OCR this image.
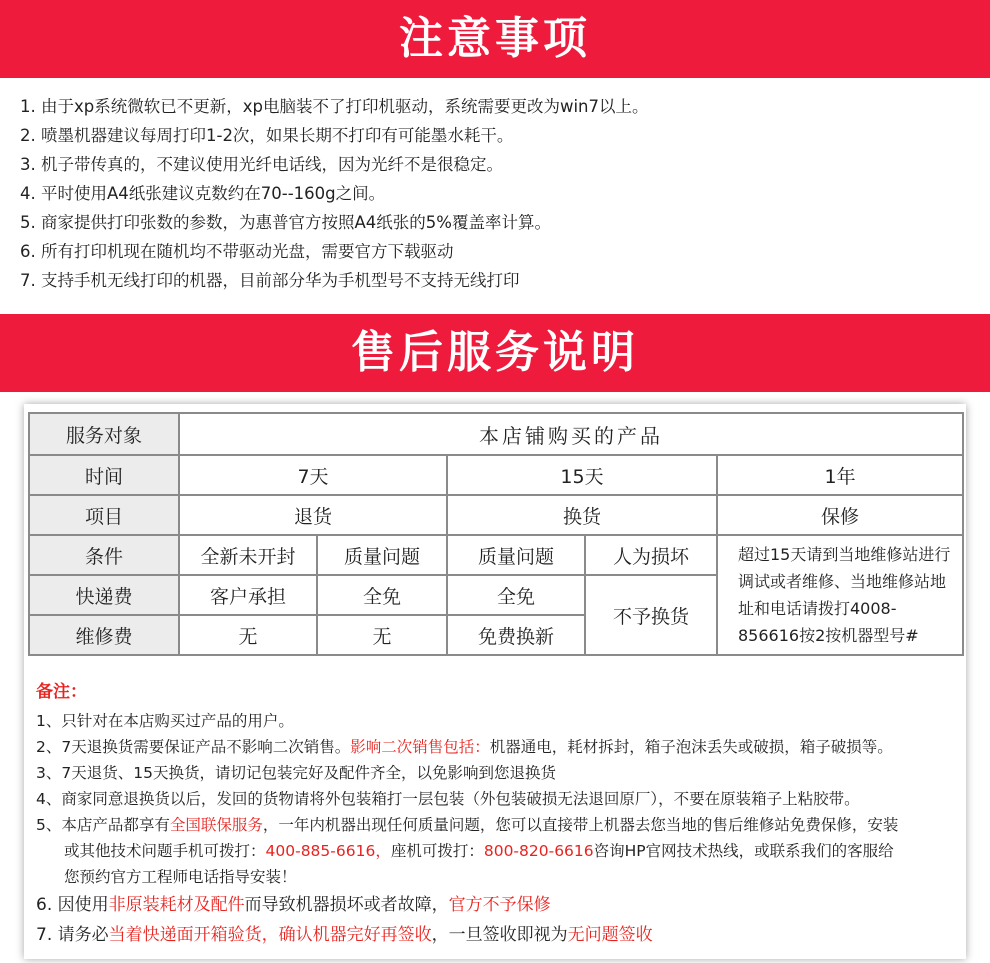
注意事项
1. 由于xp系统微软已不更新，xp电脑装不了打印机驱动，系统需要更改为win7以上。
2. 喷墨机器建议每周打印1-2次，如果长期不打印有可能墨水耗干。
3. 机子带传真的，不建议使用光纤电话线，因为光纤不是很稳定。
4. 平时使用A4纸张建议克数约在70--160g之间。
5. 商家提供打印张数的参数，为惠普官方按照A4纸张的5%覆盖率计算。
6. 所有打印机现在随机均不带驱动光盘，需要官方下载驱动
7. 支持手机无线打印的机器，目前部分华为手机型号不支持无线打印
售后服务说明
服务对象	本店铺购买的产品				
时间	7天		15天		1年
项目	退货		换货		保修
条件	全新未开封	质量问题	质量问题	人为损坏	超过15天请到当地维修站进行调试或者维修、当地维修站地址和电话请拨打4008-856616按2按机器型号#
快递费	客户承担	全免	全免	不予换货	
维修费	无	无	免费换新		
备注：
1、只针对在本店购买过产品的用户。
2、7天退换货需要保证产品不影响二次销售。影响二次销售包括：机器通电，耗材拆封，箱子泡沫丢失或破损，箱子破损等。
3、7天退货、15天换货，请切记包装完好及配件齐全，以免影响到您退换货
4、商家同意退换货以后，发回的货物请将外包装箱打一层包装（外包装破损无法退回原厂），不要在原装箱子上粘胶带。
5、本店产品都享有全国联保服务，一年内机器出现任何质量问题，您可以直接带上机器去您当地的售后维修站免费保修，安装
或其他技术问题手机可拨打：400-885-6616，座机可拨打：800-820-6616咨询HP官网技术热线，或联系我们的客服给
您预约官方工程师电话指导安装！
6. 因使用非原装耗材及配件而导致机器损坏或者故障，官方不予保修
7. 请务必当着快递面开箱验货，确认机器完好再签收，一旦签收即视为无问题签收
